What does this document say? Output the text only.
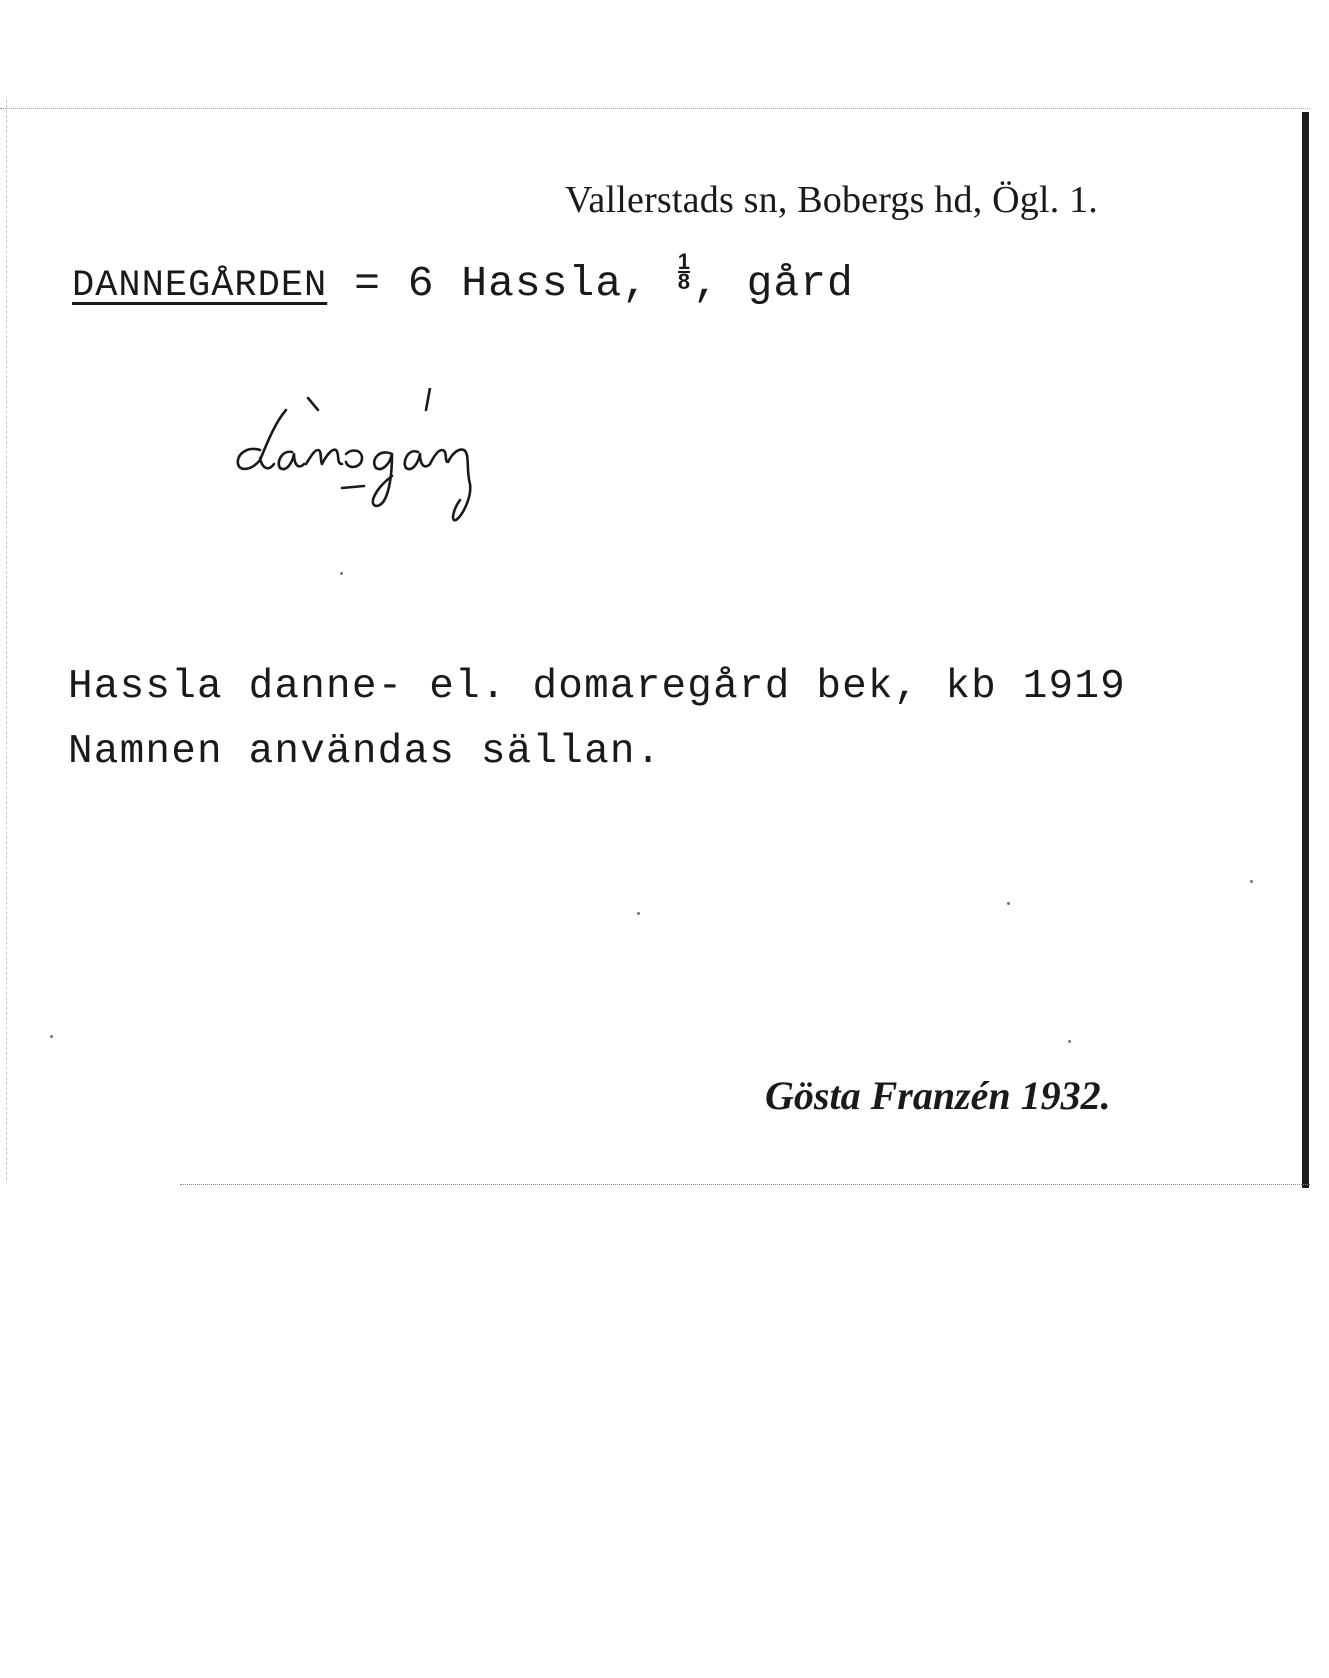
Vallerstads sn, Bobergs hd, Ögl. 1.
DANNEGÅRDEN = 6 Hassla, $\frac{1}{8}$ , gård
Hassla danne- el. domaregård bek, kb 1919
Namnen användas sällan.
Gösta Franzén 1932.
